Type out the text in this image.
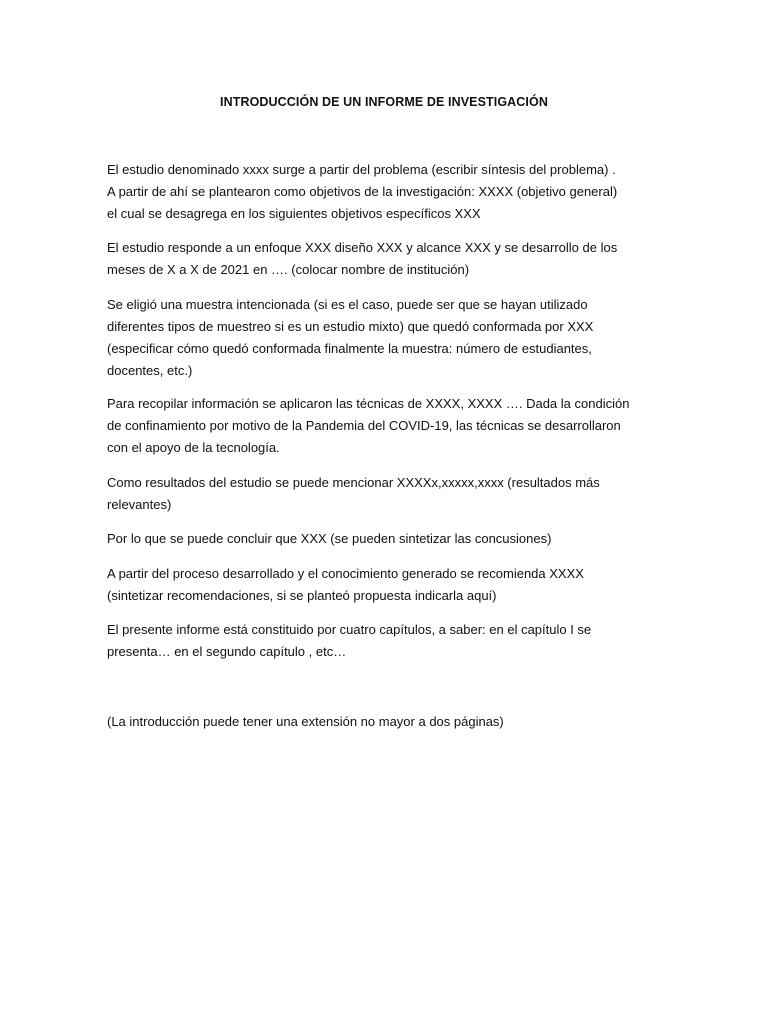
INTRODUCCIÓN DE UN INFORME DE INVESTIGACIÓN
El estudio denominado xxxx surge a partir del problema (escribir síntesis del problema) .
A partir de ahí se plantearon como objetivos de la investigación: XXXX (objetivo general)
el cual se desagrega en los siguientes objetivos específicos XXX
El estudio responde a un enfoque XXX diseño XXX y alcance XXX y se desarrollo de los
meses de X a X de 2021 en …. (colocar nombre de institución)
Se eligió una muestra intencionada (si es el caso, puede ser que se hayan utilizado
diferentes tipos de muestreo si es un estudio mixto) que quedó conformada por XXX
(especificar cómo quedó conformada finalmente la muestra: número de estudiantes,
docentes, etc.)
Para recopilar información se aplicaron las técnicas de XXXX, XXXX …. Dada la condición
de confinamiento por motivo de la Pandemia del COVID-19, las técnicas se desarrollaron
con el apoyo de la tecnología.
Como resultados del estudio se puede mencionar XXXXx,xxxxx,xxxx (resultados más
relevantes)
Por lo que se puede concluir que XXX (se pueden sintetizar las concusiones)
A partir del proceso desarrollado y el conocimiento generado se recomienda XXXX
(sintetizar recomendaciones, si se planteó propuesta indicarla aquí)
El presente informe está constituido por cuatro capítulos, a saber: en el capítulo I se
presenta… en el segundo capítulo , etc…
(La introducción puede tener una extensión no mayor a dos páginas)
